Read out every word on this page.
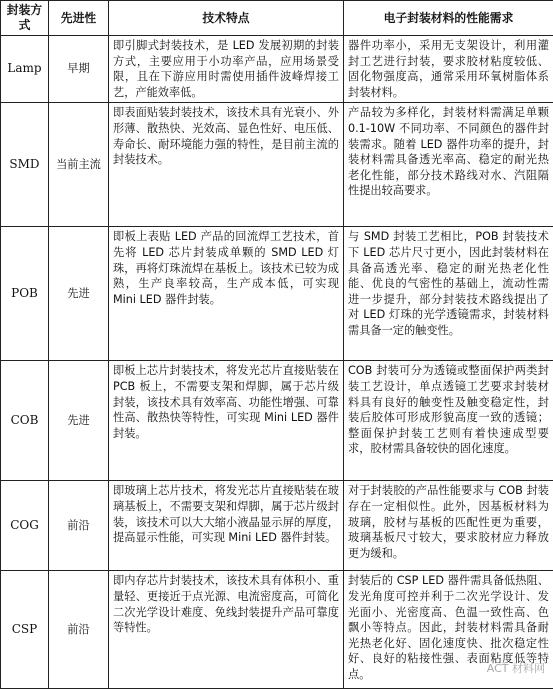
封装方式	先进性	技术特点	电子封装材料的性能需求
Lamp	早期	即引脚式封装技术，是 LED 发展初期的封装方式，主要应用于小功率产品，应用场景受限，且在下游应用时需使用插件波峰焊接工艺，产能效率低。	器件功率小，采用无支架设计，利用灌封工艺进行封装，要求胶材粘度较低、固化物强度高，通常采用环氧树脂体系封装材料。
SMD	当前主流	即表面贴装封装技术，该技术具有光衰小、外形薄、散热快、光效高、显色性好、电压低、寿命长、耐环境能力强的特性，是目前主流的封装技术。	产品较为多样化，封装材料需满足单颗 0.1-10W 不同功率、不同颜色的器件封装需求。随着 LED 器件功率的提升，封装材料需具备透光率高、稳定的耐光热老化性能，部分技术路线对水、汽阻隔性提出较高要求。
POB	先进	即板上表贴 LED 产品的回流焊工艺技术，首先将 LED 芯片封装成单颗的 SMD LED 灯珠，再将灯珠流焊在基板上。该技术已较为成熟，生产良率较高，生产成本低，可实现 Mini LED 器件封装。	与 SMD 封装工艺相比，POB 封装技术下 LED 芯片尺寸更小，因此封装材料在具备高透光率、稳定的耐光热老化性能、优良的气密性的基础上，流动性需进一步提升，部分封装技术路线提出了对 LED 灯珠的光学透镜需求，封装材料需具备一定的触变性。
COB	先进	即板上芯片封装技术，将发光芯片直接贴装在 PCB 板上，不需要支架和焊脚，属于芯片级封装，该技术具有效率高、功能性增强、可靠性高、散热快等特性，可实现 Mini LED 器件封装。	COB 封装可分为透镜或整面保护两类封装工艺设计，单点透镜工艺要求封装材料具有良好的触变性及触变稳定性，封装后胶体可形成形貌高度一致的透镜；整面保护封装工艺则有着快速成型要求，胶材需具备较快的固化速度。
COG	前沿	即玻璃上芯片技术，将发光芯片直接贴装在玻璃基板上，不需要支架和焊脚，属于芯片级封装，该技术可以大大缩小液晶显示屏的厚度，提高显示性能，可实现 Mini LED 器件封装。	对于封装胶的产品性能要求与 COB 封装存在一定相似性。此外，因基板材料为玻璃，胶材与基板的匹配性更为重要，玻璃基板尺寸较大，要求胶材应力释放更为缓和。
CSP	前沿	即内存芯片封装技术，该技术具有体积小、重量轻、更接近于点光源、电流密度高，可简化二次光学设计难度、免线封装提升产品可靠度等特性。	封装后的 CSP LED 器件需具备低热阻、发光角度可控并利于二次光学设计、发光面小、光密度高、色温一致性高、色飘小等特点。因此，封装材料需具备耐光热老化好、固化速度快、批次稳定性好、良好的粘接性强、表面粘度低等特点。	ACT 材料网
